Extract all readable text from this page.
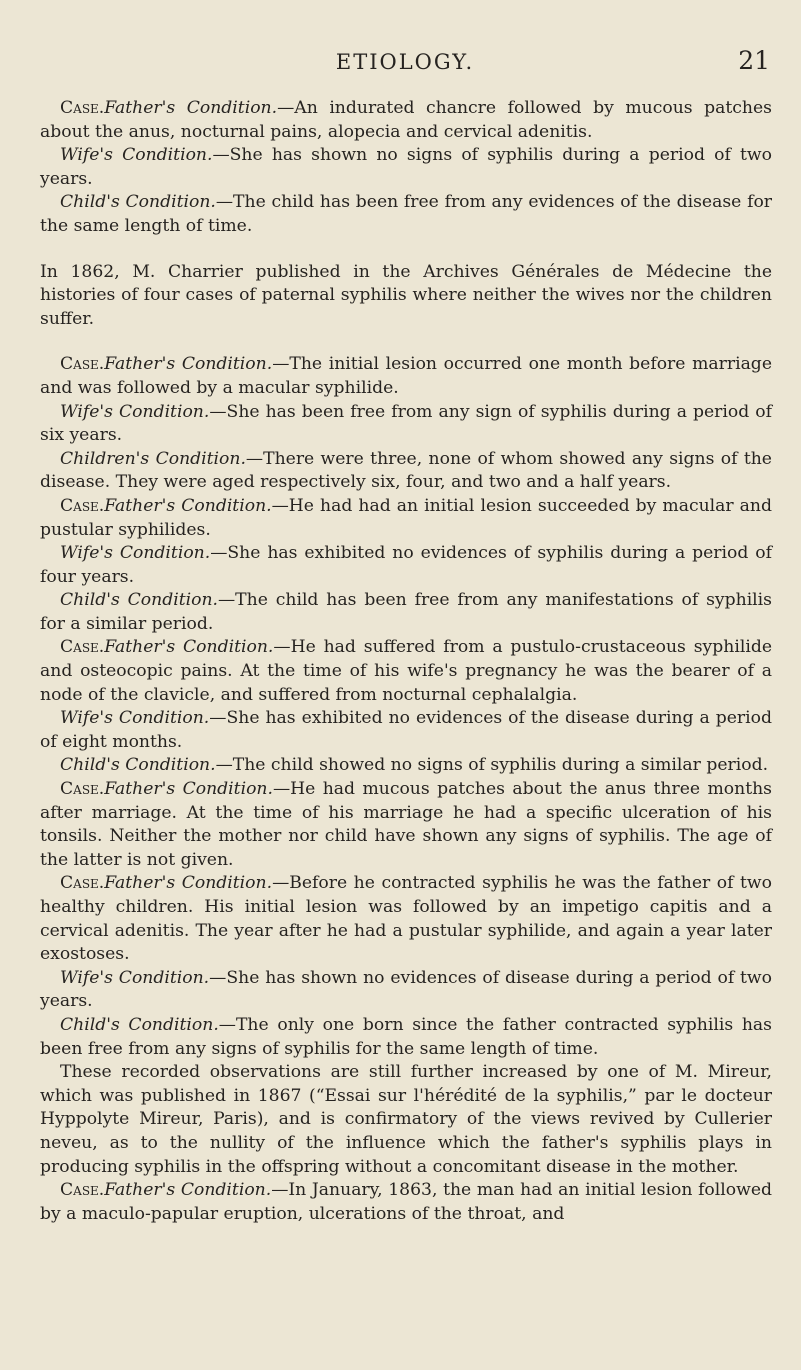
ETIOLOGY.	21

Case.Father's Condition.—An indurated chancre followed by mucous patches about the anus, nocturnal pains, alopecia and cervical adenitis.

Wife's Condition.—She has shown no signs of syphilis during a period of two years.

Child's Condition.—The child has been free from any evidences of the disease for the same length of time.

In 1862, M. Charrier published in the Archives Générales de Médecine the histories of four cases of paternal syphilis where neither the wives nor the children suffer.

Case.Father's Condition.—The initial lesion occurred one month before marriage and was followed by a macular syphilide.

Wife's Condition.—She has been free from any sign of syphilis during a period of six years.

Children's Condition.—There were three, none of whom showed any signs of the disease. They were aged respectively six, four, and two and a half years.

Case.Father's Condition.—He had had an initial lesion succeeded by macular and pustular syphilides.

Wife's Condition.—She has exhibited no evidences of syphilis during a period of four years.

Child's Condition.—The child has been free from any manifestations of syphilis for a similar period.

Case.Father's Condition.—He had suffered from a pustulo-crustaceous syphilide and osteocopic pains. At the time of his wife's pregnancy he was the bearer of a node of the clavicle, and suffered from nocturnal cephalalgia.

Wife's Condition.—She has exhibited no evidences of the disease during a period of eight months.

Child's Condition.—The child showed no signs of syphilis during a similar period.

Case.Father's Condition.—He had mucous patches about the anus three months after marriage. At the time of his marriage he had a specific ulceration of his tonsils. Neither the mother nor child have shown any signs of syphilis. The age of the latter is not given.

Case.Father's Condition.—Before he contracted syphilis he was the father of two healthy children. His initial lesion was followed by an impetigo capitis and a cervical adenitis. The year after he had a pustular syphilide, and again a year later exostoses.

Wife's Condition.—She has shown no evidences of disease during a period of two years.

Child's Condition.—The only one born since the father contracted syphilis has been free from any signs of syphilis for the same length of time.

These recorded observations are still further increased by one of M. Mireur, which was published in 1867 (“Essai sur l'hérédité de la syphilis,” par le docteur Hyppolyte Mireur, Paris), and is confirmatory of the views revived by Cullerier neveu, as to the nullity of the influence which the father's syphilis plays in producing syphilis in the offspring without a concomitant disease in the mother.

Case.Father's Condition.—In January, 1863, the man had an initial lesion followed by a maculo-papular eruption, ulcerations of the throat, and
